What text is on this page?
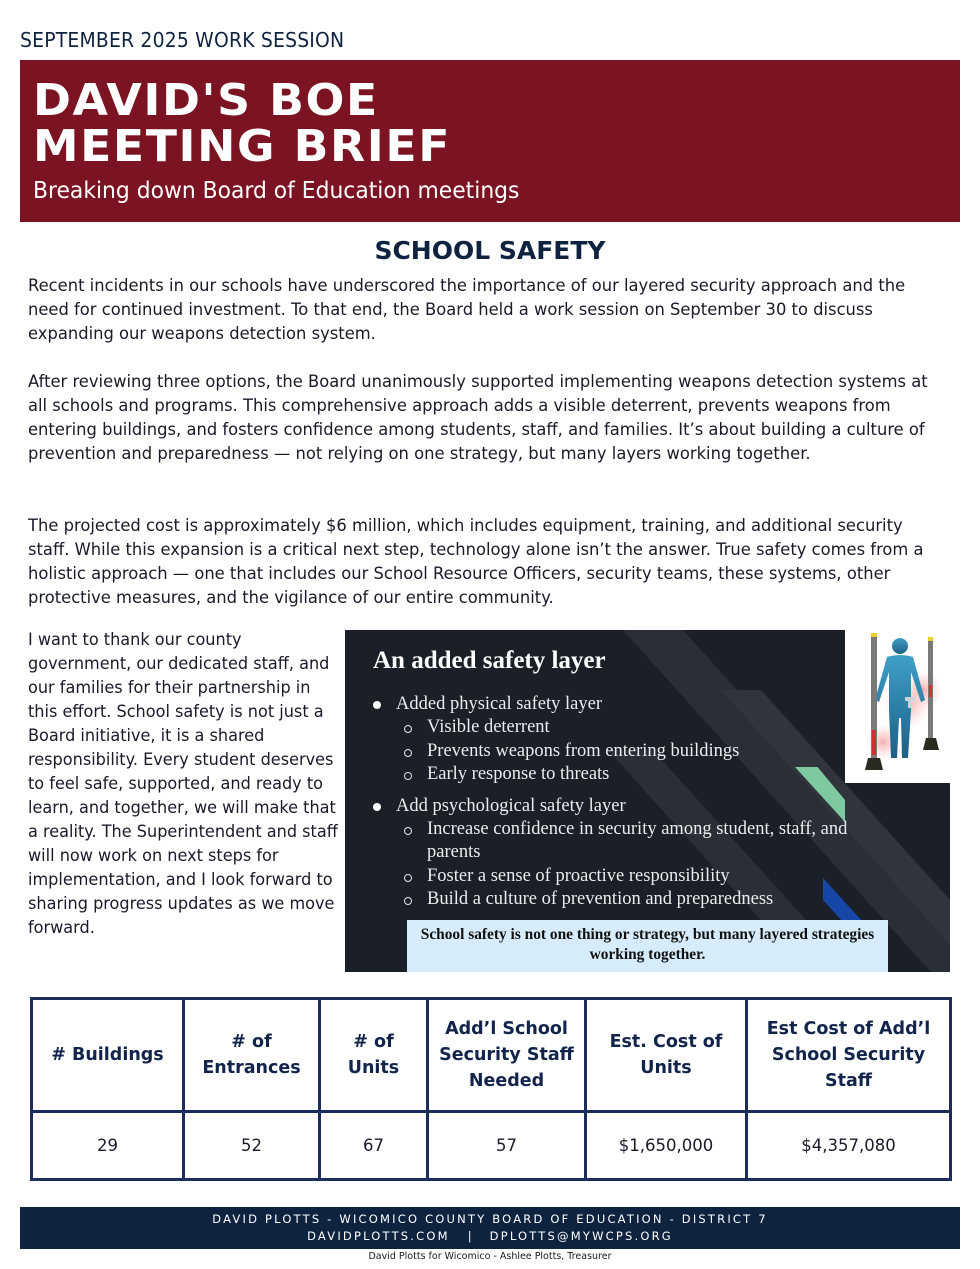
SEPTEMBER 2025 WORK SESSION
DAVID'S BOE
MEETING BRIEF
Breaking down Board of Education meetings
SCHOOL SAFETY

Recent incidents in our schools have underscored the importance of our layered security approach and the need for continued investment. To that end, the Board held a work session on September 30 to discuss expanding our weapons detection system.

After reviewing three options, the Board unanimously supported implementing weapons detection systems at all schools and programs. This comprehensive approach adds a visible deterrent, prevents weapons from entering buildings, and fosters confidence among students, staff, and families. It’s about building a culture of prevention and preparedness — not relying on one strategy, but many layers working together.

The projected cost is approximately $6 million, which includes equipment, training, and additional security staff. While this expansion is a critical next step, technology alone isn’t the answer. True safety comes from a holistic approach — one that includes our School Resource Officers, security teams, these systems, other protective measures, and the vigilance of our entire community.

I want to thank our county government, our dedicated staff, and our families for their partnership in this effort. School safety is not just a Board initiative, it is a shared responsibility. Every student deserves to feel safe, supported, and ready to learn, and together, we will make that a reality. The Superintendent and staff will now work on next steps for implementation, and I look forward to sharing progress updates as we move forward.

An added safety layer
Added physical safety layer
Visible deterrent
Prevents weapons from entering buildings
Early response to threats
Add psychological safety layer
Increase confidence in security among student, staff, and
parents
Foster a sense of proactive responsibility
Build a culture of prevention and preparedness
School safety is not one thing or strategy, but many layered strategies working together.
# Buildings	# of Entrances	# of Units	Add’l School Security Staff Needed	Est. Cost of Units	Est Cost of Add’l School Security Staff
29	52	67	57	$1,650,000	$4,357,080
DAVID PLOTTS - WICOMICO COUNTY BOARD OF EDUCATION - DISTRICT 7
DAVIDPLOTTS.COM | DPLOTTS@MYWCPS.ORG
David Plotts for Wicomico - Ashlee Plotts, Treasurer
